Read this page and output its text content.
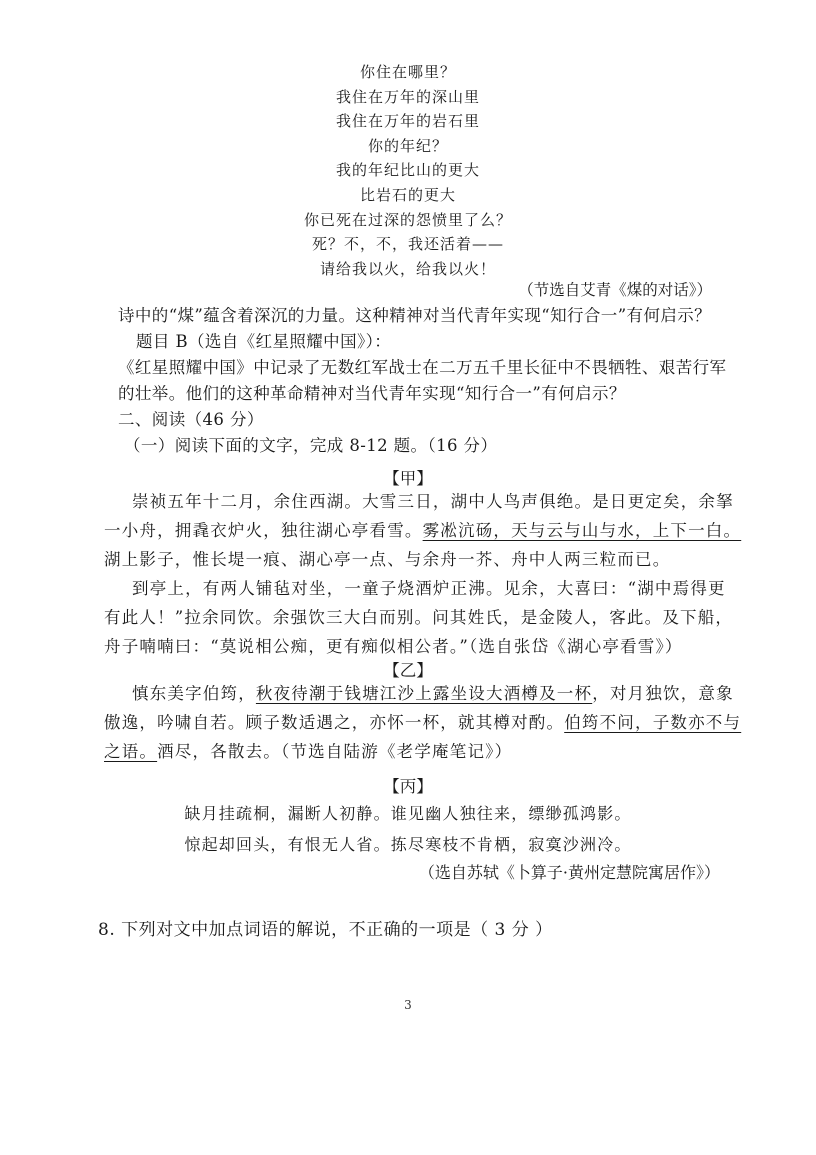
你住在哪里？
我住在万年的深山里
我住在万年的岩石里
你的年纪？
我的年纪比山的更大
比岩石的更大
你已死在过深的怨愤里了么？
死？不，不，我还活着——
请给我以火，给我以火！
（节选自艾青《煤的对话》）
诗中的“煤”蕴含着深沉的力量。这种精神对当代青年实现“知行合一”有何启示？
题目 B（选自《红星照耀中国》）：
《红星照耀中国》中记录了无数红军战士在二万五千里长征中不畏牺牲、艰苦行军
的壮举。他们的这种革命精神对当代青年实现“知行合一”有何启示？
二、阅读（46 分）
（一）阅读下面的文字，完成 8-12 题。（16 分）
【甲】
崇祯五年十二月，余住西湖。大雪三日，湖中人鸟声俱绝。是日更定矣，余拏
一小舟，拥毳衣炉火，独往湖心亭看雪。雾凇沆砀，天与云与山与水，上下一白。
湖上影子，惟长堤一痕、湖心亭一点、与余舟一芥、舟中人两三粒而已。
到亭上，有两人铺毡对坐，一童子烧酒炉正沸。见余，大喜曰：“湖中焉得更
有此人！”拉余同饮。余强饮三大白而别。问其姓氏，是金陵人，客此。及下船，
舟子喃喃曰：“莫说相公痴，更有痴似相公者。”（选自张岱《湖心亭看雪》）
【乙】
慎东美字伯筠，秋夜待潮于钱塘江沙上露坐设大酒樽及一杯，对月独饮，意象
傲逸，吟啸自若。顾子数适遇之，亦怀一杯，就其樽对酌。伯筠不问，子数亦不与
之语。酒尽，各散去。（节选自陆游《老学庵笔记》）
【丙】
缺月挂疏桐，漏断人初静。谁见幽人独往来，缥缈孤鸿影。
惊起却回头，有恨无人省。拣尽寒枝不肯栖，寂寞沙洲冷。
（选自苏轼《卜算子·黄州定慧院寓居作》）
8. 下列对文中加点词语的解说，不正确的一项是（ 3 分 ）
3
